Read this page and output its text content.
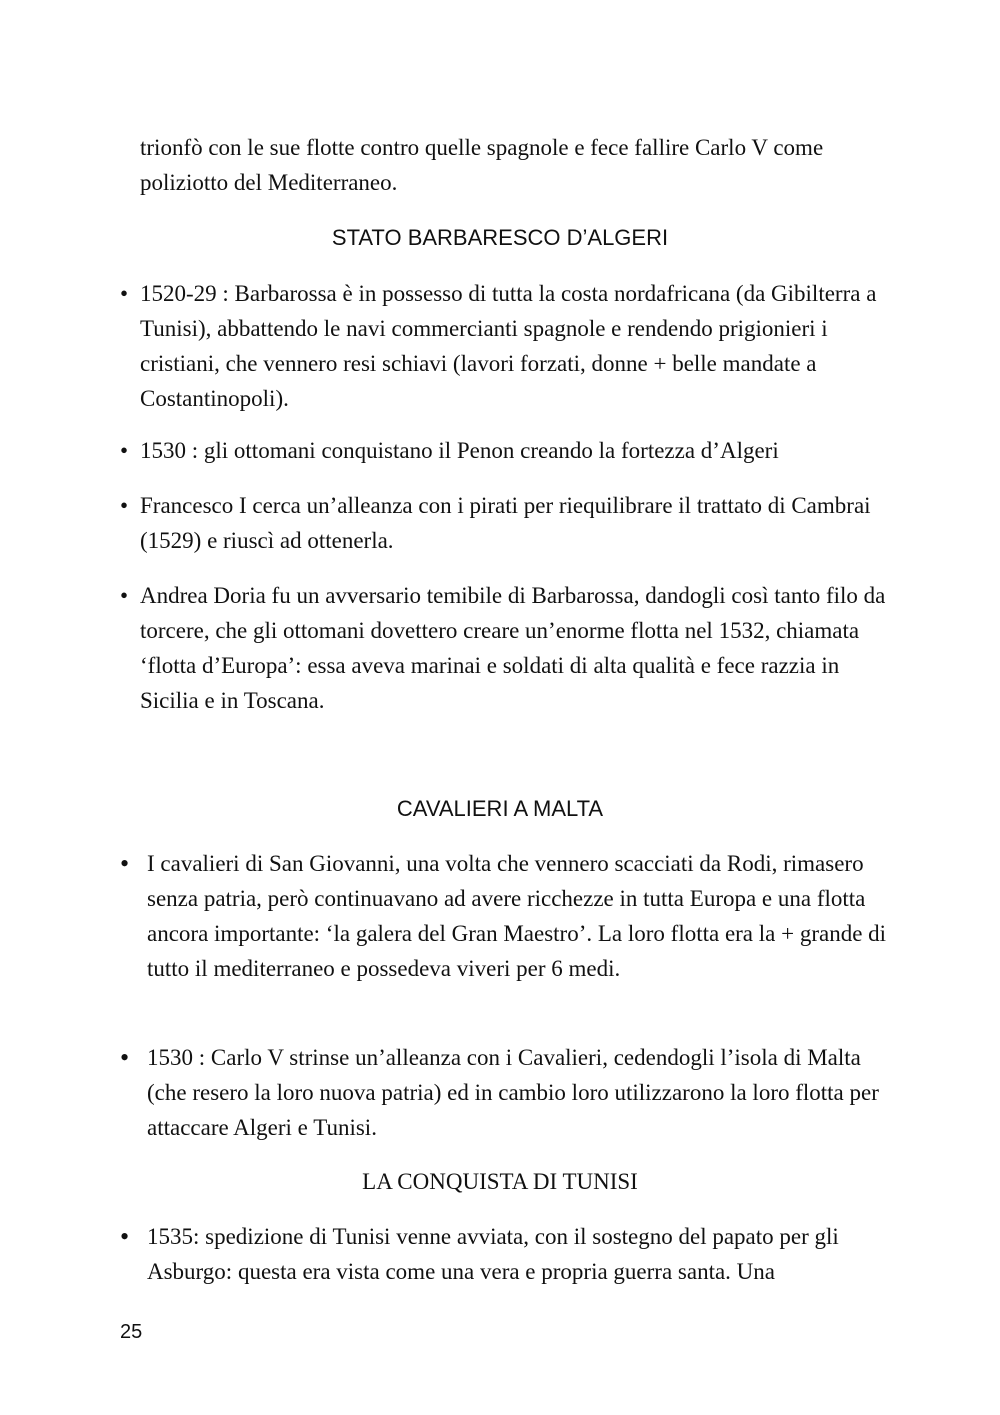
trionfò con le sue flotte contro quelle spagnole e fece fallire Carlo V come poliziotto del Mediterraneo.

STATO BARBARESCO D’ALGERI
• 1520-29 : Barbarossa è in possesso di tutta la costa nordafricana (da Gibilterra a Tunisi), abbattendo le navi commercianti spagnole e rendendo prigionieri i cristiani, che vennero resi schiavi (lavori forzati, donne + belle mandate a Costantinopoli).
• 1530 : gli ottomani conquistano il Penon creando la fortezza d’Algeri
• Francesco I cerca un’alleanza con i pirati per riequilibrare il trattato di Cambrai (1529) e riuscì ad ottenerla.
• Andrea Doria fu un avversario temibile di Barbarossa, dandogli così tanto filo da torcere, che gli ottomani dovettero creare un’enorme flotta nel 1532, chiamata ‘flotta d’Europa’: essa aveva marinai e soldati di alta qualità e fece razzia in Sicilia e in Toscana.
CAVALIERI A MALTA
• I cavalieri di San Giovanni, una volta che vennero scacciati da Rodi, rimasero senza patria, però continuavano ad avere ricchezze in tutta Europa e una flotta ancora importante: ‘la galera del Gran Maestro’. La loro flotta era la + grande di tutto il mediterraneo e possedeva viveri per 6 medi.
• 1530 : Carlo V strinse un’alleanza con i Cavalieri, cedendogli l’isola di Malta (che resero la loro nuova patria) ed in cambio loro utilizzarono la loro flotta per attaccare Algeri e Tunisi.
LA CONQUISTA DI TUNISI
• 1535: spedizione di Tunisi venne avviata, con il sostegno del papato per gli Asburgo: questa era vista come una vera e propria guerra santa. Una

25
